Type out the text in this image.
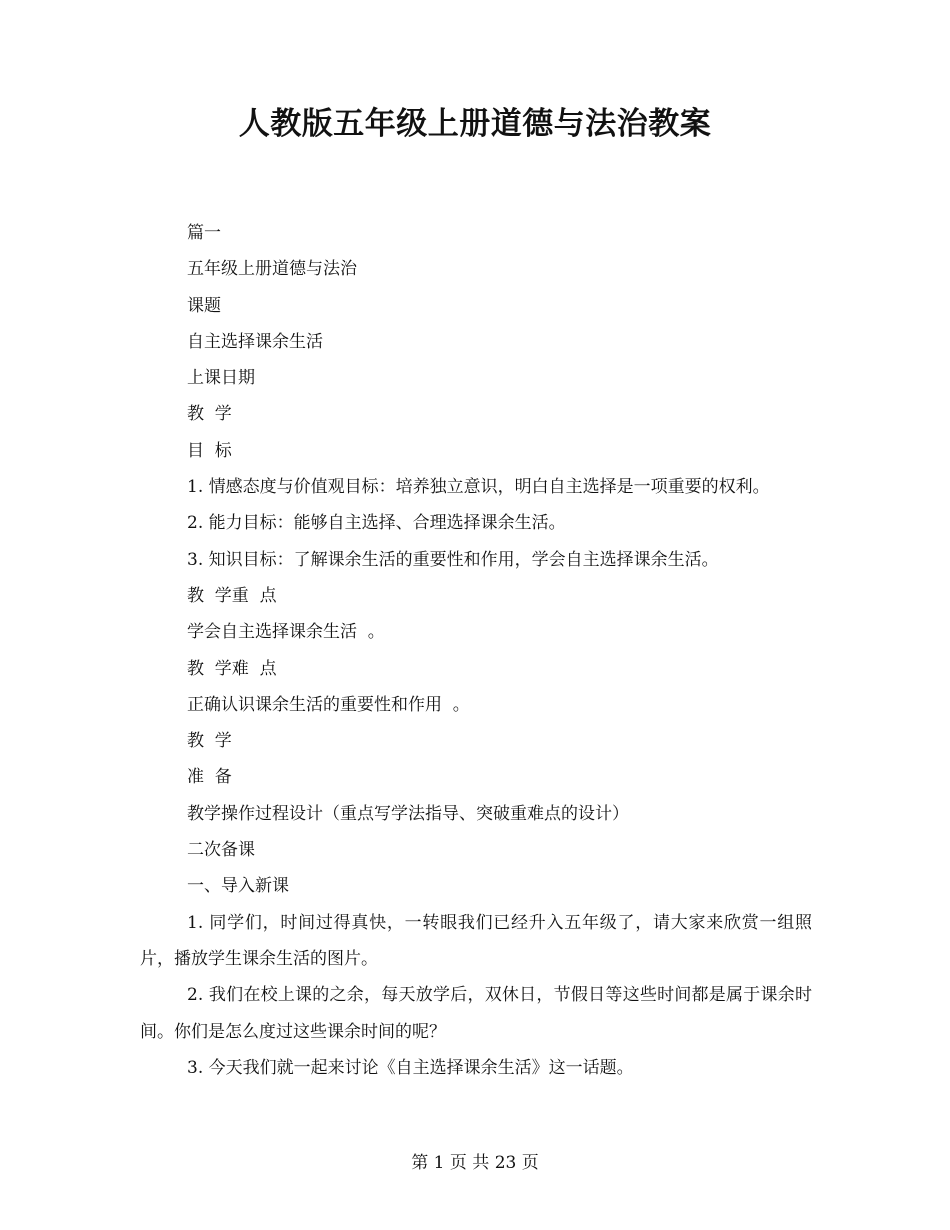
人教版五年级上册道德与法治教案

篇一

五年级上册道德与法治

课题

自主选择课余生活

上课日期

教  学

目  标

1. 情感态度与价值观目标：培养独立意识，明白自主选择是一项重要的权利。

2. 能力目标：能够自主选择、合理选择课余生活。

3. 知识目标：了解课余生活的重要性和作用，学会自主选择课余生活。

教  学重  点

学会自主选择课余生活  。

教  学难  点

正确认识课余生活的重要性和作用  。

教  学

准  备

教学操作过程设计（重点写学法指导、突破重难点的设计）

二次备课

一、导入新课

1. 同学们，时间过得真快，一转眼我们已经升入五年级了，请大家来欣赏一组照片，播放学生课余生活的图片。

2. 我们在校上课的之余，每天放学后，双休日，节假日等这些时间都是属于课余时间。你们是怎么度过这些课余时间的呢？

3. 今天我们就一起来讨论《自主选择课余生活》这一话题。

第 1 页 共 23 页
